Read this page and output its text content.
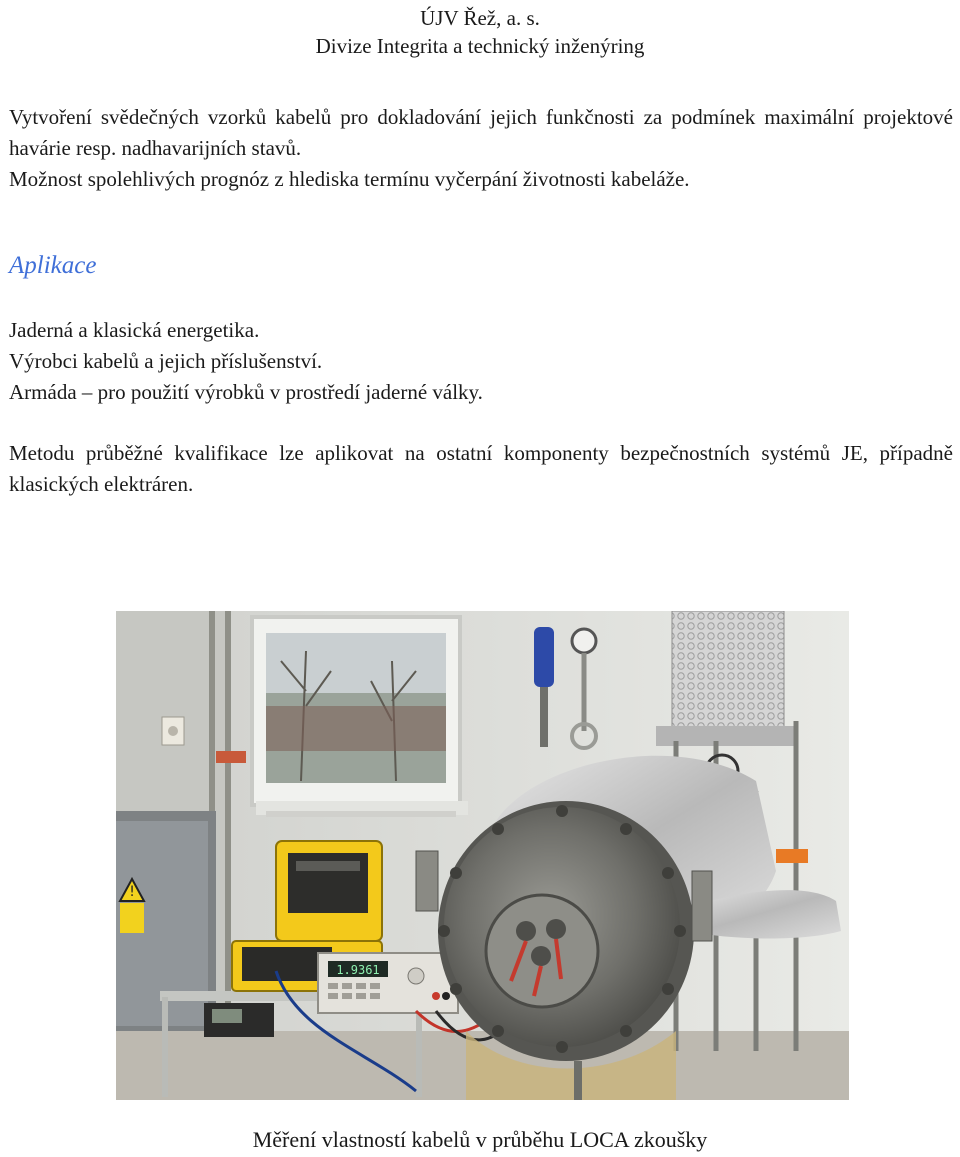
ÚJV Řež, a. s.
Divize Integrita a technický inženýring
Vytvoření svědečných vzorků kabelů pro dokladování jejich funkčnosti za podmínek maximální projektové havárie resp. nadhavarijních stavů.
Možnost spolehlivých prognóz z hlediska termínu vyčerpání životnosti kabeláže.
Aplikace
Jaderná a klasická energetika.
Výrobci kabelů a jejich příslušenství.
Armáda – pro použití výrobků v prostředí jaderné války.
Metodu průběžné kvalifikace lze aplikovat na ostatní komponenty bezpečnostních systémů JE, případně klasických elektráren.
!
1.9361
Měření vlastností kabelů v průběhu LOCA zkoušky
